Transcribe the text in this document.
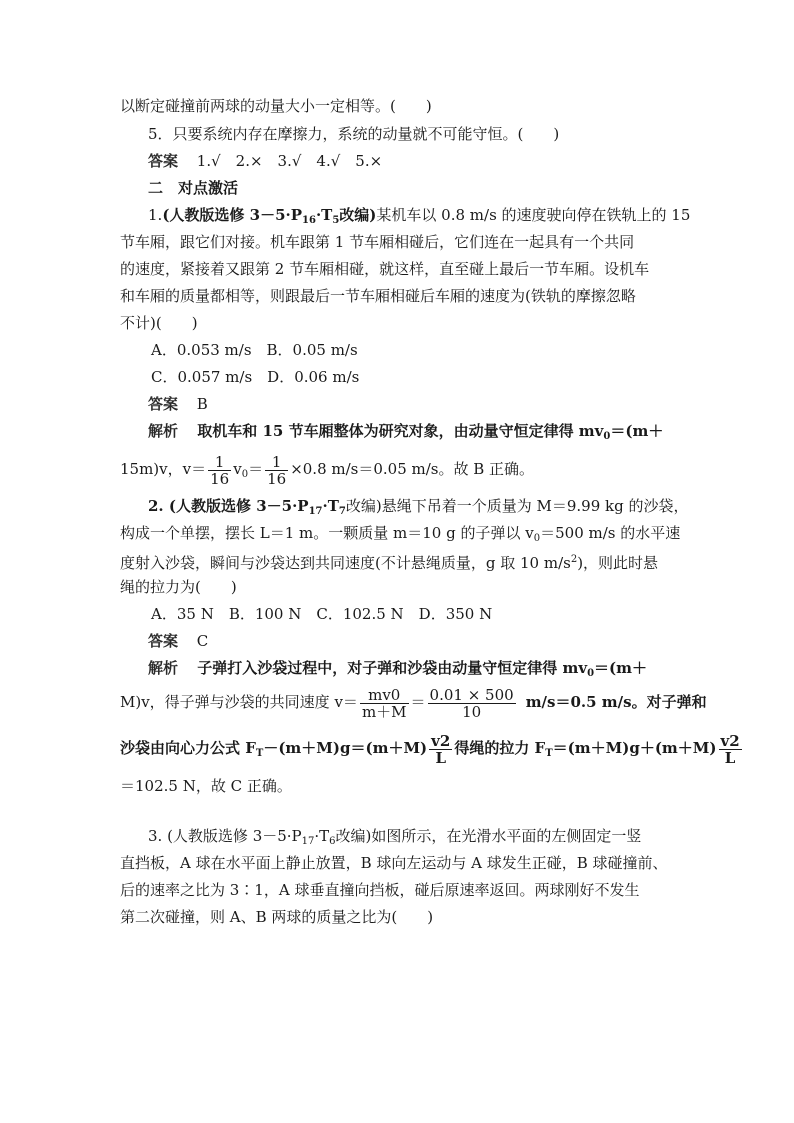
以断定碰撞前两球的动量大小一定相等。(　　)
5．只要系统内存在摩擦力，系统的动量就不可能守恒。(　　)
答案 1.√　2.×　3.√　4.√　5.×
二　对点激活
1.(人教版选修 $3-5\cdot P_{16}\cdot T_5$改编)某机车以 0.8 m/s 的速度驶向停在铁轨上的 15
节车厢，跟它们对接。机车跟第 1 节车厢相碰后，它们连在一起具有一个共同
的速度，紧接着又跟第 2 节车厢相碰，就这样，直至碰上最后一节车厢。设机车
和车厢的质量都相等，则跟最后一节车厢相碰后车厢的速度为(铁轨的摩擦忽略
不计)(　　)
A．0.053 m/s　B．0.05 m/s
C．0.057 m/s　D．0.06 m/s
答案 B
解析 取机车和 15 节车厢整体为研究对象，由动量守恒定律得 $mv_0=(m+$
15m)v，$v= \frac{1}{16} v_0= \frac{1}{16} \times 0.8$ m/s＝0.05 m/s。故 B 正确。
2. (人教版选修 $3-5\cdot P_{17}\cdot T_7$改编)悬绳下吊着一个质量为 M＝9.99 kg 的沙袋，
构成一个单摆，摆长 L＝1 m。一颗质量 m＝10 g 的子弹以 $v_0=500$ m/s 的水平速
度射入沙袋，瞬间与沙袋达到共同速度(不计悬绳质量，g 取 10 $m/s^2$)，则此时悬
绳的拉力为(　　)
A．35 N　B．100 N　C．102.5 N　D．350 N
答案 C
解析 子弹打入沙袋过程中，对子弹和沙袋由动量守恒定律得 $mv_0=(m+$
M)v，得子弹与沙袋的共同速度 $v= \frac{mv0}{m+M} = \frac{0.01 \times 500}{10} m/s=0.5$ m/s。对子弹和
沙袋由向心力公式 $F_T-(m+M)g=(m+M) \frac{v2}{L}$ 得绳的拉力 $F_T=(m+M)g+(m+M) \frac{v2}{L}$
＝102.5 N，故 C 正确。
3. (人教版选修 $3-5\cdot P_{17}\cdot T_6$改编)如图所示，在光滑水平面的左侧固定一竖
直挡板，A 球在水平面上静止放置，B 球向左运动与 A 球发生正碰，B 球碰撞前、
后的速率之比为 3∶1，A 球垂直撞向挡板，碰后原速率返回。两球刚好不发生
第二次碰撞，则 A、B 两球的质量之比为(　　)
